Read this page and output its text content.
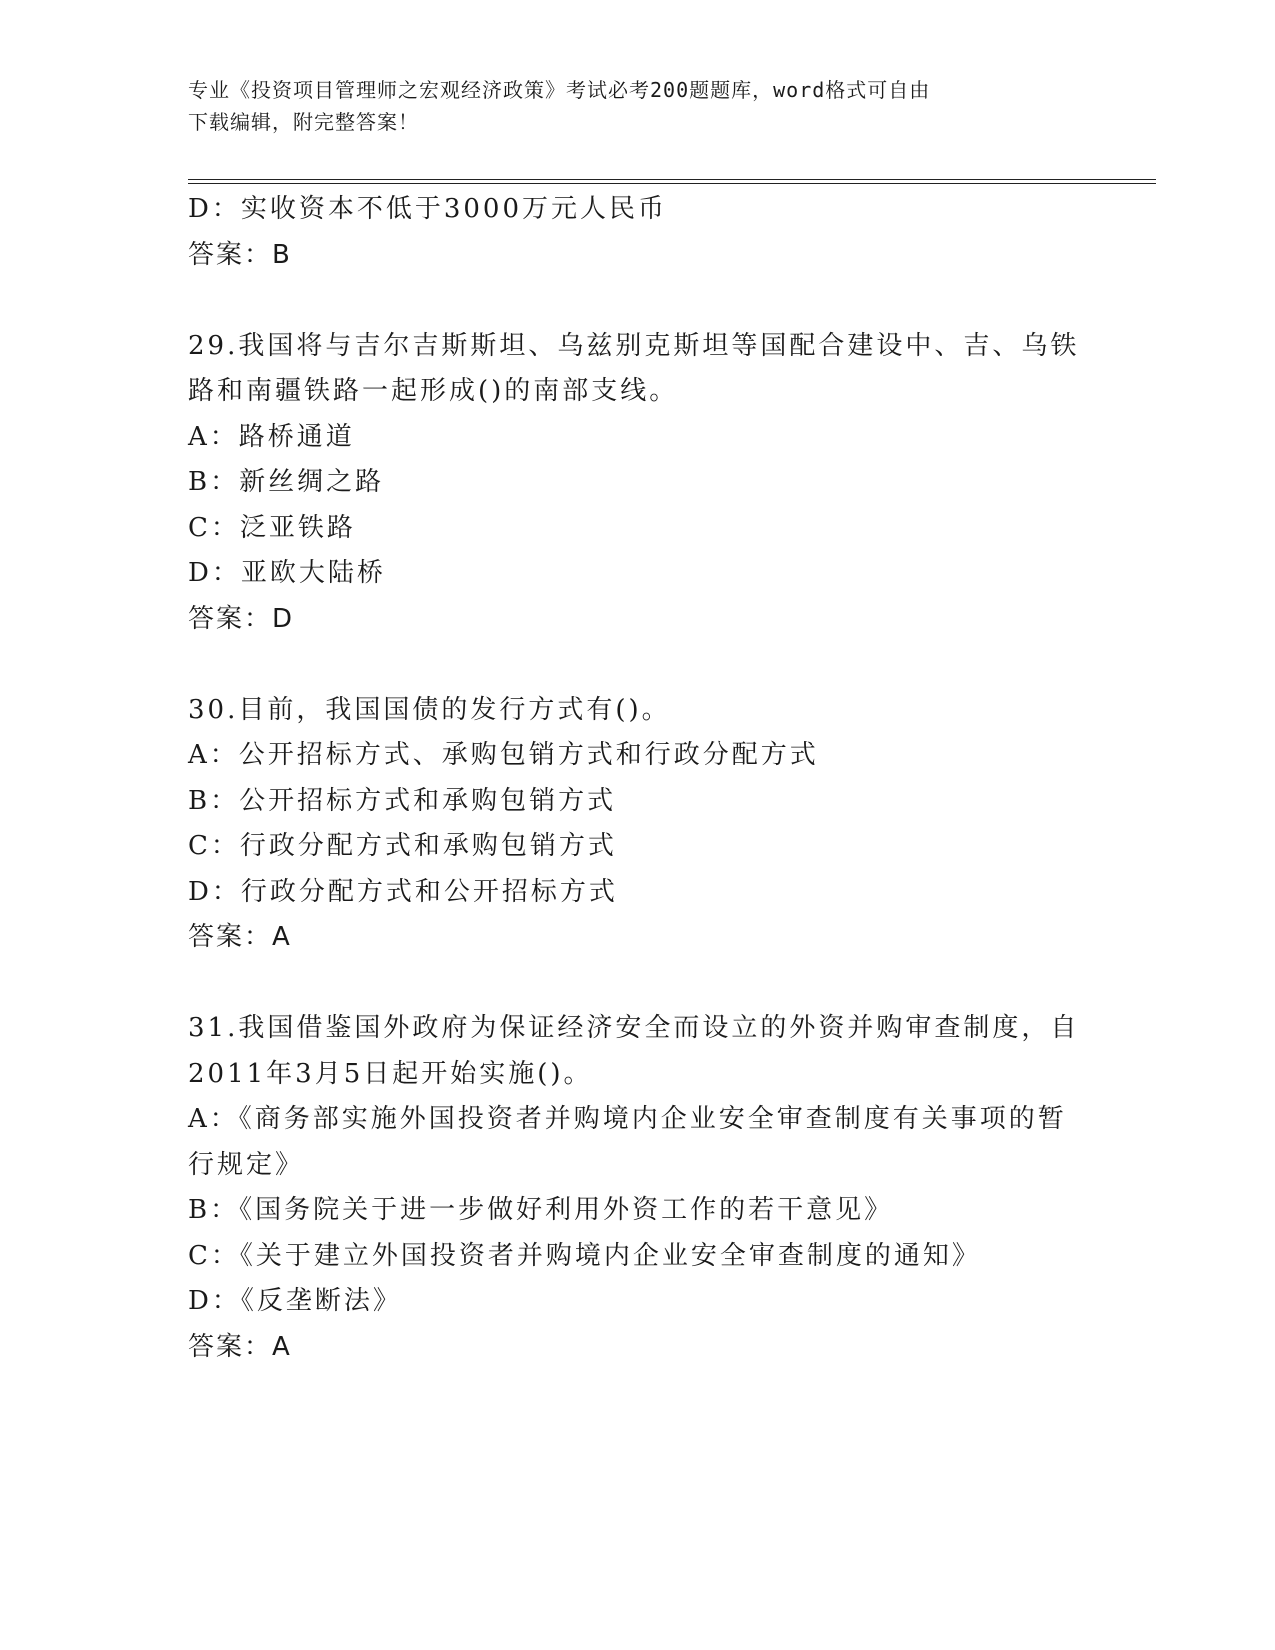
专业《投资项目管理师之宏观经济政策》考试必考200题题库，word格式可自由
下载编辑，附完整答案！
D：实收资本不低于3000万元人民币
答案：B
29.我国将与吉尔吉斯斯坦、乌兹别克斯坦等国配合建设中、吉、乌铁
路和南疆铁路一起形成()的南部支线。
A：路桥通道
B：新丝绸之路
C：泛亚铁路
D：亚欧大陆桥
答案：D
30.目前，我国国债的发行方式有()。
A：公开招标方式、承购包销方式和行政分配方式
B：公开招标方式和承购包销方式
C：行政分配方式和承购包销方式
D：行政分配方式和公开招标方式
答案：A
31.我国借鉴国外政府为保证经济安全而设立的外资并购审查制度，自
2011年3月5日起开始实施()。
A：《商务部实施外国投资者并购境内企业安全审查制度有关事项的暂
行规定》
B：《国务院关于进一步做好利用外资工作的若干意见》
C：《关于建立外国投资者并购境内企业安全审查制度的通知》
D：《反垄断法》
答案：A
